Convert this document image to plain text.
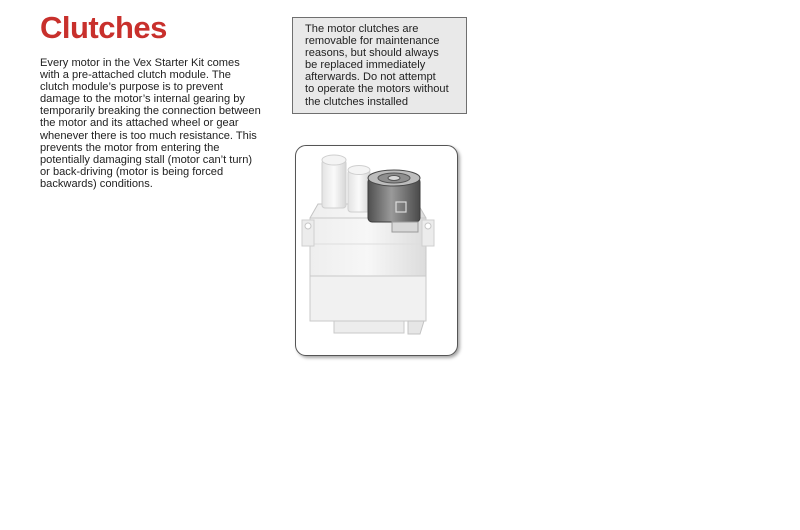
Clutches

Every motor in the Vex Starter Kit comes
with a pre-attached clutch module. The
clutch module’s purpose is to prevent
damage to the motor’s internal gearing by
temporarily breaking the connection between
the motor and its attached wheel or gear
whenever there is too much resistance. This
prevents the motor from entering the
potentially damaging stall (motor can’t turn)
or back-driving (motor is being forced
backwards) conditions.

The motor clutches are
removable for maintenance
reasons, but should always
be replaced immediately
afterwards. Do not attempt
to operate the motors without
the clutches installed
